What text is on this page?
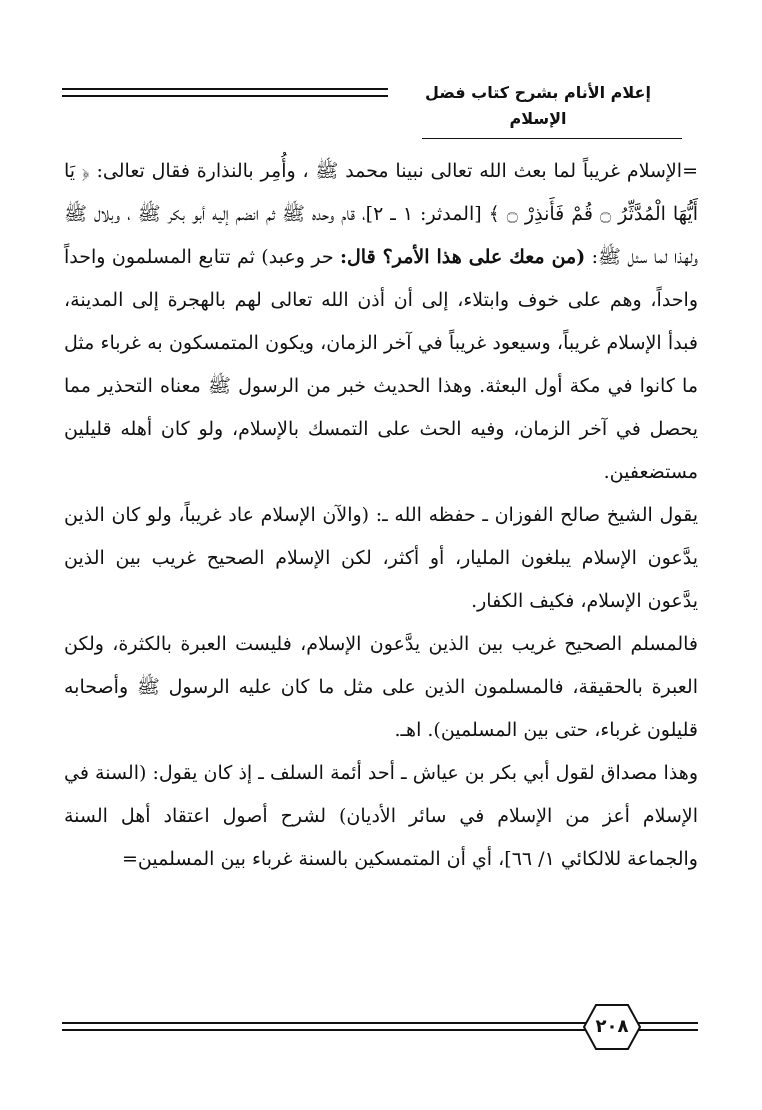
إعلام الأنام بشرح كتاب فضل الإسلام

=الإسلام غريباً لما بعث الله تعالى نبينا محمد ﷺ ، وأُمِر بالنذارة فقال تعالى: ﴿ يَا أَيُّهَا الْمُدَّثِّرُ ۝ قُمْ فَأَنذِرْ ۝ ﴾ [المدثر: ١ ـ ٢]، قام وحده ﷺ ثم انضم إليه أبو بكر ﷺ ، وبلال ﷺ ولهذا لما سئل ﷺ: (من معك على هذا الأمر؟ قال: حر وعبد) ثم تتابع المسلمون واحداً واحداً، وهم على خوف وابتلاء، إلى أن أذن الله تعالى لهم بالهجرة إلى المدينة، فبدأ الإسلام غريباً، وسيعود غريباً في آخر الزمان، ويكون المتمسكون به غرباء مثل ما كانوا في مكة أول البعثة. وهذا الحديث خبر من الرسول ﷺ معناه التحذير مما يحصل في آخر الزمان، وفيه الحث على التمسك بالإسلام، ولو كان أهله قليلين مستضعفين.

يقول الشيخ صالح الفوزان ـ حفظه الله ـ: (والآن الإسلام عاد غريباً، ولو كان الذين يدَّعون الإسلام يبلغون المليار، أو أكثر، لكن الإسلام الصحيح غريب بين الذين يدَّعون الإسلام، فكيف الكفار.

فالمسلم الصحيح غريب بين الذين يدَّعون الإسلام، فليست العبرة بالكثرة، ولكن العبرة بالحقيقة، فالمسلمون الذين على مثل ما كان عليه الرسول ﷺ وأصحابه قليلون غرباء، حتى بين المسلمين). اهـ.

وهذا مصداق لقول أبي بكر بن عياش ـ أحد أئمة السلف ـ إذ كان يقول: (السنة في الإسلام أعز من الإسلام في سائر الأديان) لشرح أصول اعتقاد أهل السنة والجماعة للالكائي ١/ ٦٦]، أي أن المتمسكين بالسنة غرباء بين المسلمين=

٢٠٨
